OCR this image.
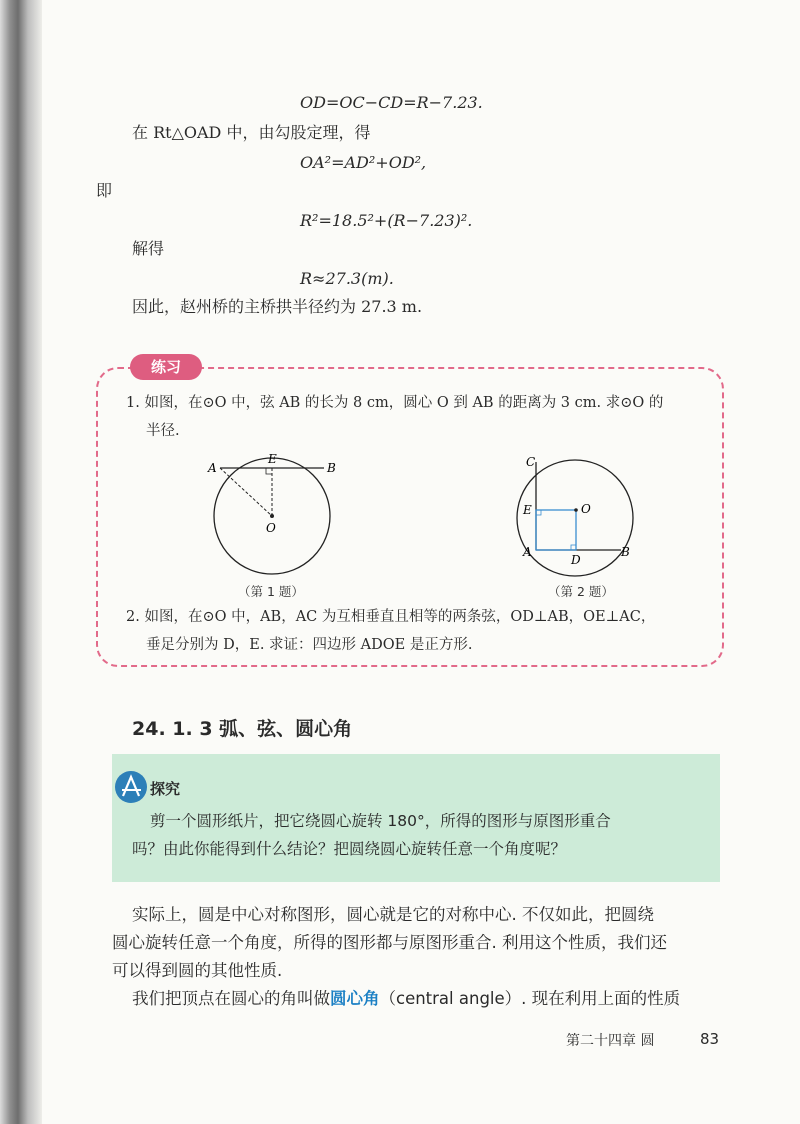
OD=OC−CD=R−7.23.
在 Rt△OAD 中，由勾股定理，得
OA²=AD²+OD²,
即
R²=18.5²+(R−7.23)².
解得
R≈27.3(m).
因此，赵州桥的主桥拱半径约为 27.3 m.
练习
1. 如图，在⊙O 中，弦 AB 的长为 8 cm，圆心 O 到 AB 的距离为 3 cm. 求⊙O 的
半径.
A
E
B
O
（第 1 题）
C
E	O
A
D
B
（第 2 题）
2. 如图，在⊙O 中，AB，AC 为互相垂直且相等的两条弦，OD⊥AB，OE⊥AC，
垂足分别为 D，E. 求证：四边形 ADOE 是正方形.
24. 1. 3 弧、弦、圆心角
探究
剪一个圆形纸片，把它绕圆心旋转 180°，所得的图形与原图形重合
吗？由此你能得到什么结论？把圆绕圆心旋转任意一个角度呢？
实际上，圆是中心对称图形，圆心就是它的对称中心. 不仅如此，把圆绕
圆心旋转任意一个角度，所得的图形都与原图形重合. 利用这个性质，我们还
可以得到圆的其他性质.
我们把顶点在圆心的角叫做圆心角（central angle）. 现在利用上面的性质
第二十四章 圆	83
